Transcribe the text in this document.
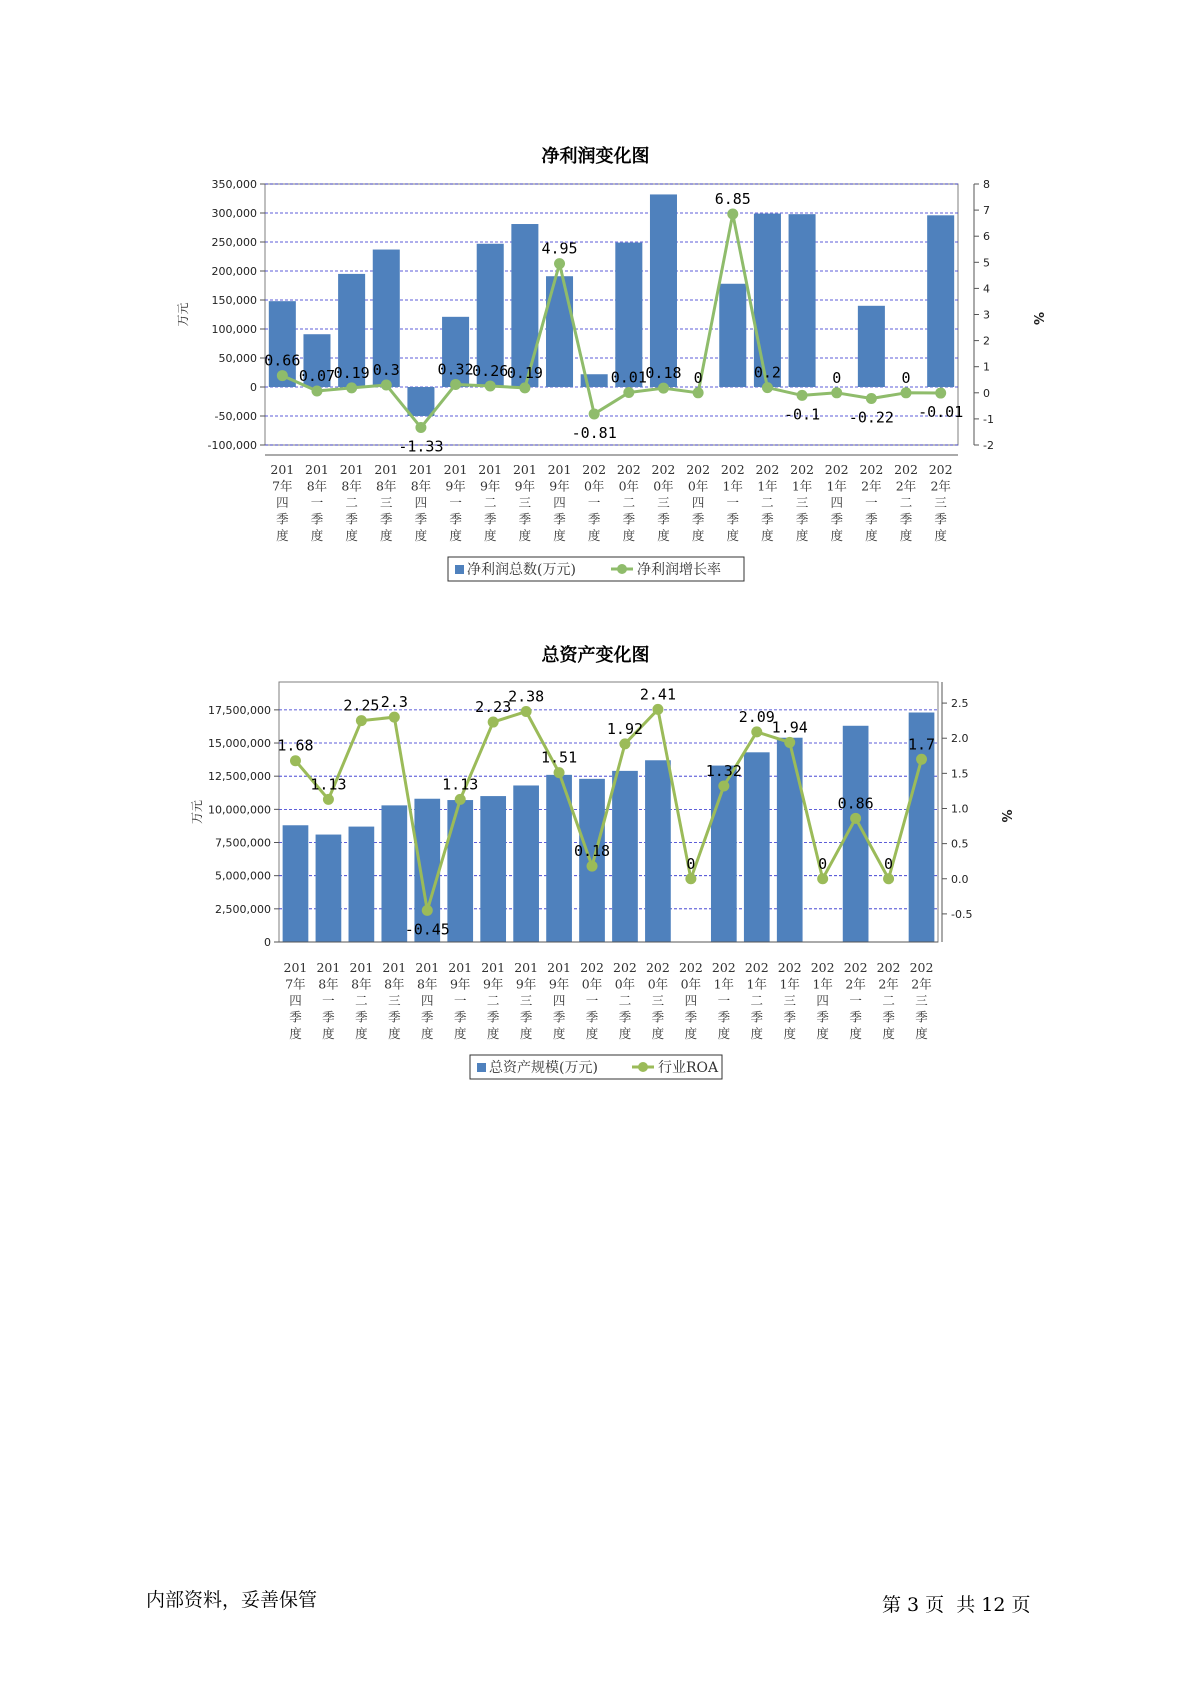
净利润变化图
-100,000
-50,000
0
50,000
100,000
150,000
200,000
250,000
300,000
350,000
万元
-2
-1
0
1
2
3
4
5
6
7
8
%
201
7年
四
季
度
201
8年
一
季
度
201
8年
二
季
度
201
8年
三
季
度
201
8年
四
季
度
201
9年
一
季
度
201
9年
二
季
度
201
9年
三
季
度
201
9年
四
季
度
202
0年
一
季
度
202
0年
二
季
度
202
0年
三
季
度
202
0年
四
季
度
202
1年
一
季
度
202
1年
二
季
度
202
1年
三
季
度
202
1年
四
季
度
202
2年
一
季
度
202
2年
二
季
度
202
2年
三
季
度
0.66
0.07
0.19 0.3
-1.33
0.32
0.26
0.19
4.95
-0.81
0.01
0.18 0
6.85
0.2
-0.1
0
-0.22
0
-0.01
净利润总数(万元)	净利润增长率
总资产变化图
0
2,500,000
5,000,000
7,500,000
10,000,000
12,500,000
15,000,000
17,500,000
万元
-0.5
0.0
0.5
1.0
1.5
2.0
2.5
%
201
7年
四
季
度
201
8年
一
季
度
201
8年
二
季
度
201
8年
三
季
度
201
8年
四
季
度
201
9年
一
季
度
201
9年
二
季
度
201
9年
三
季
度
201
9年
四
季
度
202
0年
一
季
度
202
0年
二
季
度
202
0年
三
季
度
202
0年
四
季
度
202
1年
一
季
度
202
1年
二
季
度
202
1年
三
季
度
202
1年
四
季
度
202
2年
一
季
度
202
2年
二
季
度
202
2年
三
季
度
1.68
1.13
2.25 2.3
-0.45
1.13
2.23
2.38
1.51
0.18
1.92
2.41
0
1.32
2.09
1.94
0
0.86
0
1.7
总资产规模(万元)	行业ROA
内部资料，妥善保管	第 3 页  共 12 页
